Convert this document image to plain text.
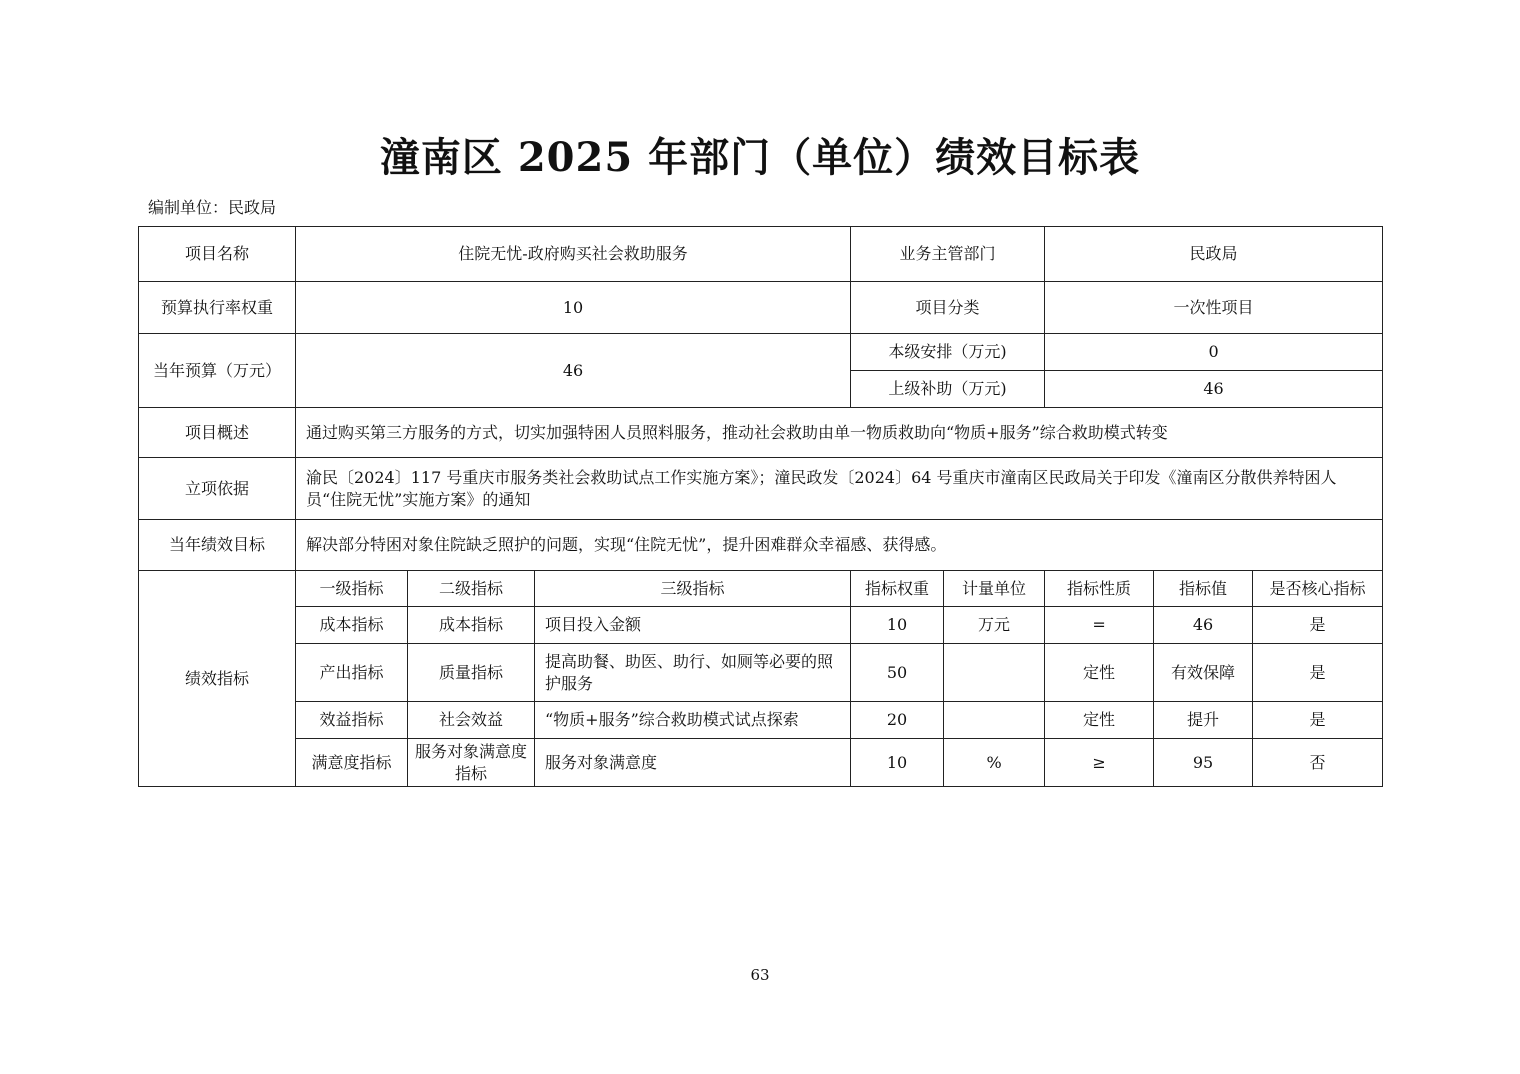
潼南区 2025 年部门（单位）绩效目标表
编制单位：民政局
项目名称	住院无忧-政府购买社会救助服务			业务主管部门		民政局		
预算执行率权重	10			项目分类		一次性项目		
当年预算（万元）	46			本级安排（万元)		0		
				上级补助（万元)		46		
项目概述	通过购买第三方服务的方式，切实加强特困人员照料服务，推动社会救助由单一物质救助向“物质+服务”综合救助模式转变							
立项依据	渝民〔2024〕117 号重庆市服务类社会救助试点工作实施方案》；潼民政发〔2024〕64 号重庆市潼南区民政局关于印发《潼南区分散供养特困人员“住院无忧”实施方案》的通知							
当年绩效目标	解决部分特困对象住院缺乏照护的问题，实现“住院无忧”，提升困难群众幸福感、获得感。							
绩效指标	一级指标	二级指标	三级指标	指标权重	计量单位	指标性质	指标值	是否核心指标
	成本指标	成本指标	项目投入金额	10	万元	=	46	是
	产出指标	质量指标	提高助餐、助医、助行、如厕等必要的照护服务	50		定性	有效保障	是
	效益指标	社会效益	“物质+服务”综合救助模式试点探索	20		定性	提升	是
	满意度指标	服务对象满意度指标	服务对象满意度	10	%	≥	95	否
63
